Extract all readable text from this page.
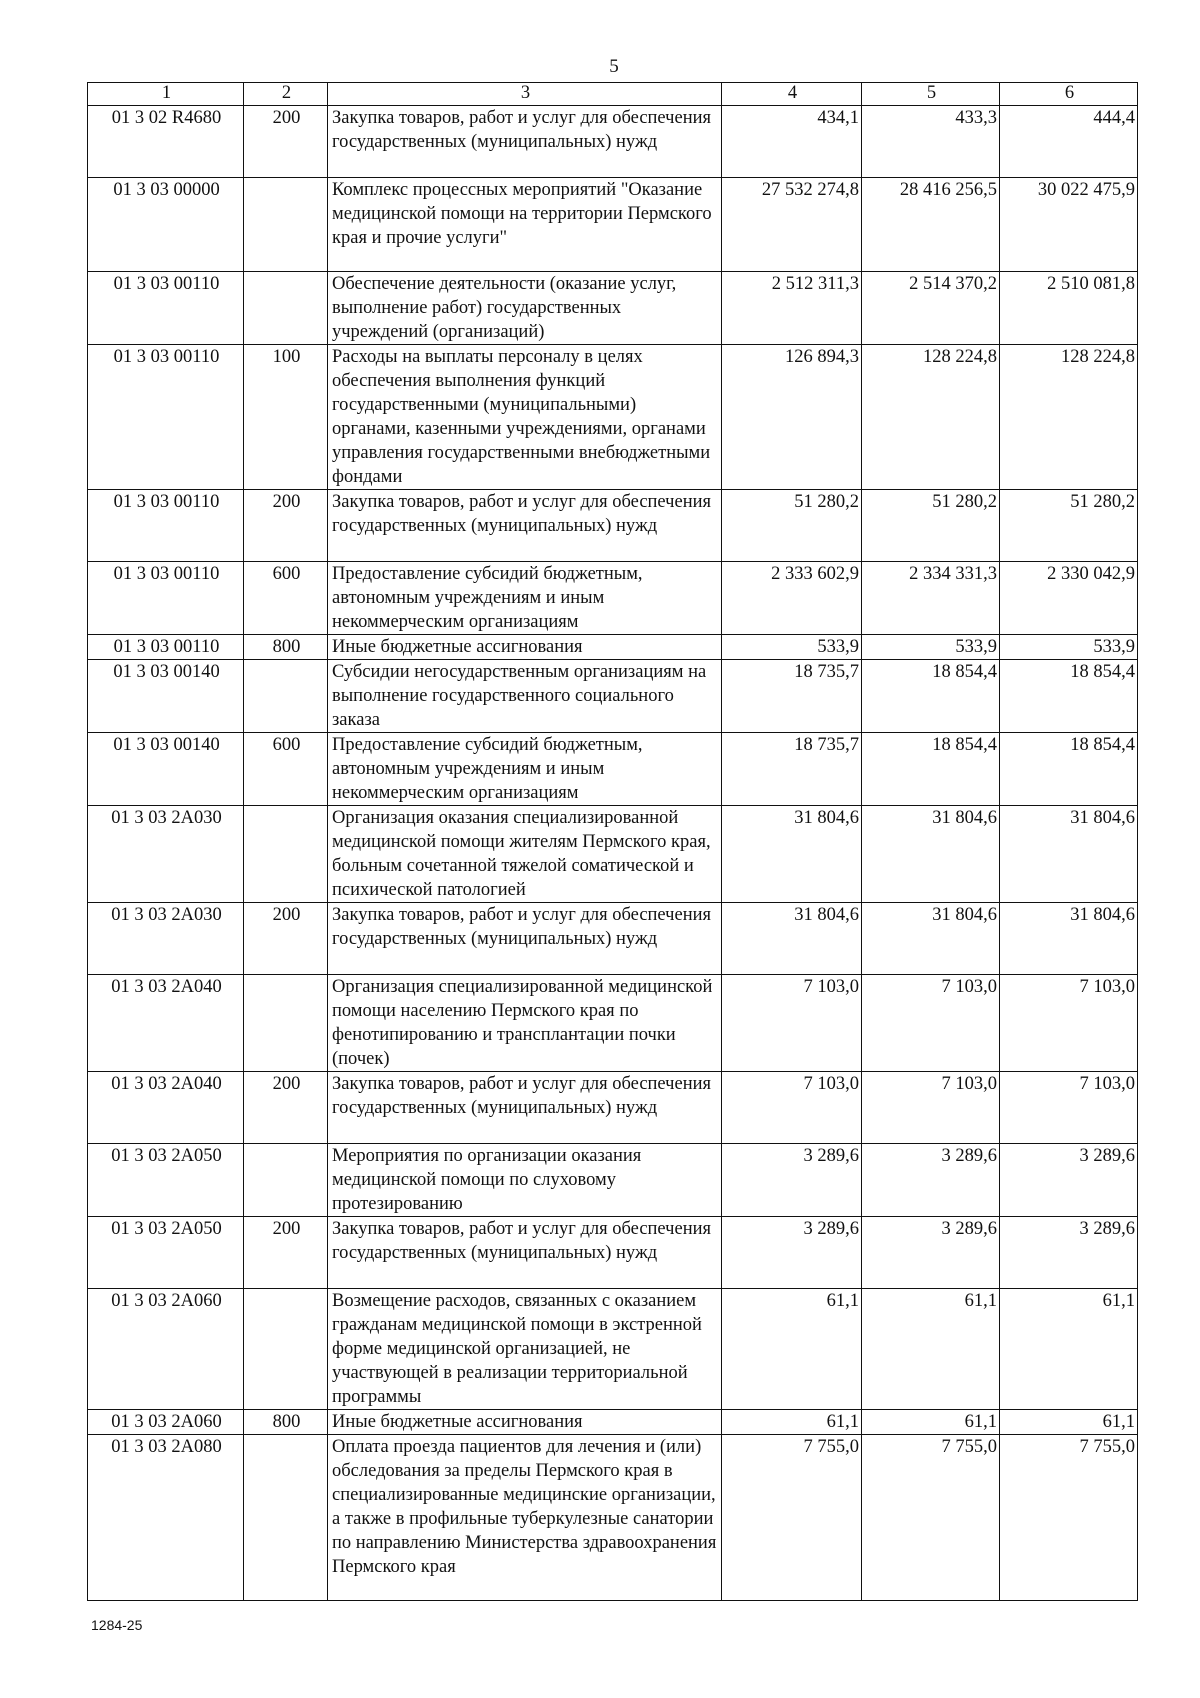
5
1	2	3	4	5	6
01 3 02 R4680	200	Закупка товаров, работ и услуг для обеспечения государственных (муниципальных) нужд	434,1	433,3	444,4
01 3 03 00000		Комплекс процессных мероприятий "Оказание медицинской помощи на территории Пермского края и прочие услуги"	27 532 274,8	28 416 256,5	30 022 475,9
01 3 03 00110		Обеспечение деятельности (оказание услуг, выполнение работ) государственных учреждений (организаций)	2 512 311,3	2 514 370,2	2 510 081,8
01 3 03 00110	100	Расходы на выплаты персоналу в целях обеспечения выполнения функций государственными (муниципальными) органами, казенными учреждениями, органами управления государственными внебюджетными фондами	126 894,3	128 224,8	128 224,8
01 3 03 00110	200	Закупка товаров, работ и услуг для обеспечения государственных (муниципальных) нужд	51 280,2	51 280,2	51 280,2
01 3 03 00110	600	Предоставление субсидий бюджетным, автономным учреждениям и иным некоммерческим организациям	2 333 602,9	2 334 331,3	2 330 042,9
01 3 03 00110	800	Иные бюджетные ассигнования	533,9	533,9	533,9
01 3 03 00140		Субсидии негосударственным организациям на выполнение государственного социального заказа	18 735,7	18 854,4	18 854,4
01 3 03 00140	600	Предоставление субсидий бюджетным, автономным учреждениям и иным некоммерческим организациям	18 735,7	18 854,4	18 854,4
01 3 03 2А030		Организация оказания специализированной медицинской помощи жителям Пермского края, больным сочетанной тяжелой соматической и психической патологией	31 804,6	31 804,6	31 804,6
01 3 03 2А030	200	Закупка товаров, работ и услуг для обеспечения государственных (муниципальных) нужд	31 804,6	31 804,6	31 804,6
01 3 03 2А040		Организация специализированной медицинской помощи населению Пермского края по фенотипированию и трансплантации почки (почек)	7 103,0	7 103,0	7 103,0
01 3 03 2А040	200	Закупка товаров, работ и услуг для обеспечения государственных (муниципальных) нужд	7 103,0	7 103,0	7 103,0
01 3 03 2А050		Мероприятия по организации оказания медицинской помощи по слуховому протезированию	3 289,6	3 289,6	3 289,6
01 3 03 2А050	200	Закупка товаров, работ и услуг для обеспечения государственных (муниципальных) нужд	3 289,6	3 289,6	3 289,6
01 3 03 2А060		Возмещение расходов, связанных с оказанием гражданам медицинской помощи в экстренной форме медицинской организацией, не участвующей в реализации территориальной программы	61,1	61,1	61,1
01 3 03 2А060	800	Иные бюджетные ассигнования	61,1	61,1	61,1
01 3 03 2А080		Оплата проезда пациентов для лечения и (или) обследования за пределы Пермского края в специализированные медицинские организации, а также в профильные туберкулезные санатории по направлению Министерства здравоохранения Пермского края	7 755,0	7 755,0	7 755,0
1284-25
